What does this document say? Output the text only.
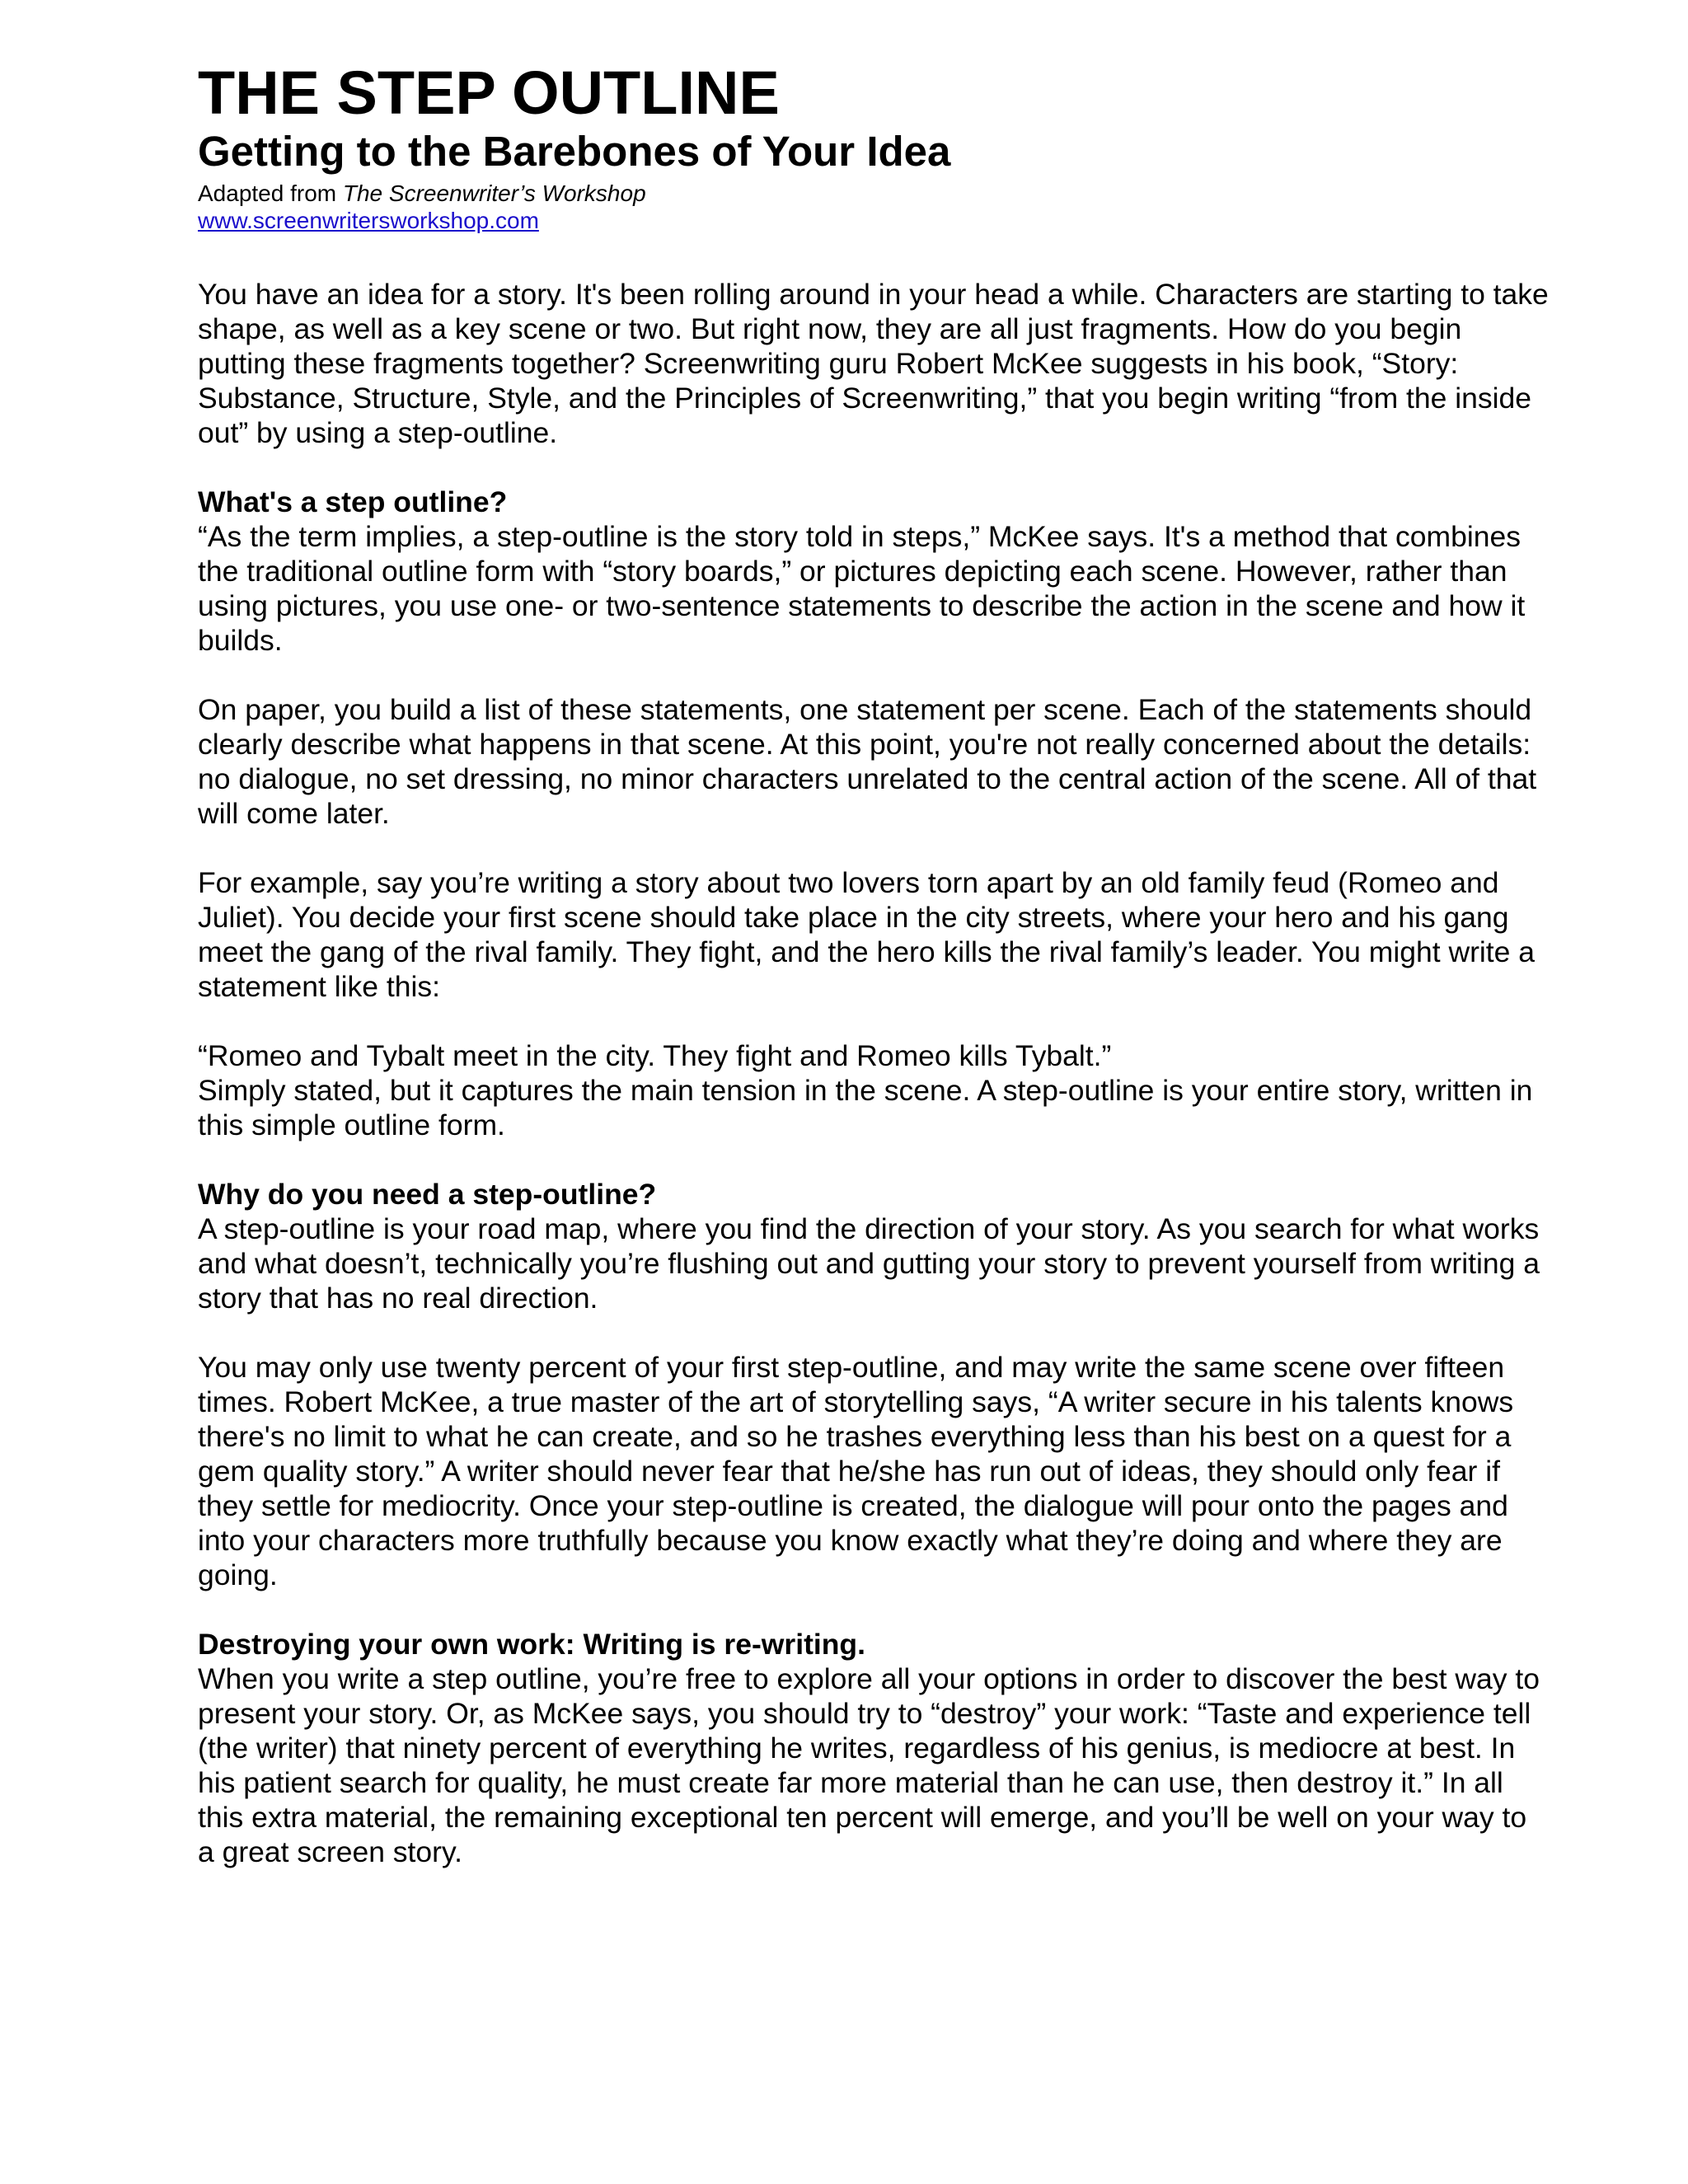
THE STEP OUTLINE
Getting to the Barebones of Your Idea
Adapted from The Screenwriter’s Workshop
www.screenwritersworkshop.com

You have an idea for a story. It's been rolling around in your head a while. Characters are starting to take shape, as well as a key scene or two. But right now, they are all just fragments. How do you begin putting these fragments together? Screenwriting guru Robert McKee suggests in his book, “Story: Substance, Structure, Style, and the Principles of Screenwriting,” that you begin writing “from the inside out” by using a step-outline.

What's a step outline?

“As the term implies, a step-outline is the story told in steps,” McKee says. It's a method that combines the traditional outline form with “story boards,” or pictures depicting each scene. However, rather than using pictures, you use one- or two-sentence statements to describe the action in the scene and how it builds.

On paper, you build a list of these statements, one statement per scene. Each of the statements should clearly describe what happens in that scene. At this point, you're not really concerned about the details: no dialogue, no set dressing, no minor characters unrelated to the central action of the scene. All of that will come later.

For example, say you’re writing a story about two lovers torn apart by an old family feud (Romeo and Juliet). You decide your first scene should take place in the city streets, where your hero and his gang meet the gang of the rival family. They fight, and the hero kills the rival family’s leader. You might write a statement like this:

“Romeo and Tybalt meet in the city. They fight and Romeo kills Tybalt.”

Simply stated, but it captures the main tension in the scene. A step-outline is your entire story, written in this simple outline form.

Why do you need a step-outline?

A step-outline is your road map, where you find the direction of your story. As you search for what works and what doesn’t, technically you’re flushing out and gutting your story to prevent yourself from writing a story that has no real direction.

You may only use twenty percent of your first step-outline, and may write the same scene over fifteen times. Robert McKee, a true master of the art of storytelling says, “A writer secure in his talents knows there's no limit to what he can create, and so he trashes everything less than his best on a quest for a gem quality story.” A writer should never fear that he/she has run out of ideas, they should only fear if they settle for mediocrity. Once your step-outline is created, the dialogue will pour onto the pages and into your characters more truthfully because you know exactly what they’re doing and where they are going.

Destroying your own work: Writing is re-writing.

When you write a step outline, you’re free to explore all your options in order to discover the best way to present your story. Or, as McKee says, you should try to “destroy” your work: “Taste and experience tell (the writer) that ninety percent of everything he writes, regardless of his genius, is mediocre at best. In his patient search for quality, he must create far more material than he can use, then destroy it.” In all this extra material, the remaining exceptional ten percent will emerge, and you’ll be well on your way to a great screen story.
